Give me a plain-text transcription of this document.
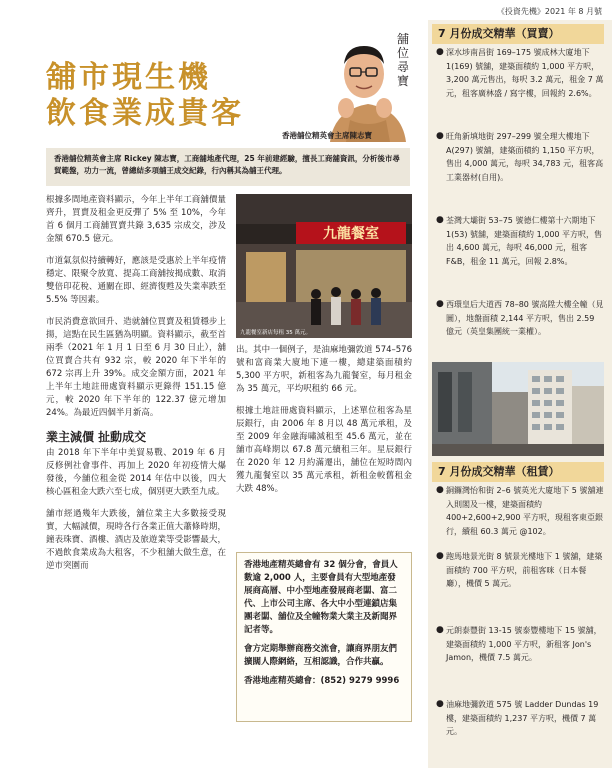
《投資先機》2021 年 8 月號
舖市現生機
飲食業成貴客
舖位尋寶
香港舖位精英會主席陳志寶
香港舖位精英會主席 Rickey 陳志寶，工商舖地產代理，25 年前建經驗，擅長工商舖資訊，分析後市尋貿範盤，功力一流，曾總結多項舖王成交紀錄，行內稱其為舖王代理。

根據多間地產資料顯示，今年上半年工商舖價量齊升，買賣及租金更反彈了 5% 至 10%，今年首 6 個月工商舖買賣共錄 3,635 宗成交，涉及金額 670.5 億元。

市道氣氛似持續轉好，應該是受惠於上半年疫情穩定、限聚令放寬、提高工商舖按揭成數、取消雙倍印花稅、通關在即、經濟復甦及失業率跌至 5.5% 等因素。

市民消費意欲回升、造就舖位買賣及租賃穩步上揚，這點在民生區猶為明顯。資料顯示，截至首兩季（2021 年 1 月 1 日至 6 月 30 日止），舖位買賣合共有 932 宗，較 2020 年下半年的 672 宗再上升 39%。成交金額方面，2021 年上半年土地註冊處資料顯示更錄得 151.15 億元，較 2020 年下半年的 122.37 億元增加 24%。為最近四個半月新高。

業主減價 扯動成交

由 2018 年下半年中美貿易戰、2019 年 6 月反修例社會事件、再加上 2020 年初疫情大爆發後，今舖位租金從 2014 年估中以後，四大核心區租金大跌六至七成，個別更大跌至九成。

舖市經過幾年大跌後，舖位業主大多數接受現實，大幅減價，現時各行各業正值大蕭條時期，鐘表珠寶、酒樓、酒店及旅遊業等受影響最大，不過飲食業成為大租客，不少租舖大做生意，在逆市突圍而

九龍餐室
九龍餐室新店每租 35 萬元。

出。其中一個例子，是油麻地彌敦道 574–576 號和富商業大廈地下連一樓，總建築面積約 5,300 平方呎，新租客為九龍餐室，每月租金為 35 萬元，平均呎租約 66 元。

根據土地註冊處資料顯示，上述單位租客為星辰銀行，由 2006 年 8 月以 48 萬元承租，及至 2009 年金融海嘯減租至 45.6 萬元，並在舖市高峰期以 67.8 萬元續租三年。星辰銀行在 2020 年 12 月約滿遷出，舖位在短時間內獲九龍餐室以 35 萬元承租，新租金較舊租金大跌 48%。

香港地產精英總會有 32 個分會，會員人數逾 2,000 人，主要會員有大型地產發展商高層、中小型地產發展商老闆、富二代、上市公司主席、各大中小型連鎖店集團老闆、舖位及全幢物業大業主及新聞界記者等。

會方定期舉辦商務交流會，讓商界朋友們擴闊人際網絡，互相認識，合作共贏。

香港地產精英總會：(852) 9279 9996

7 月份成交精華（買賣）
● 深水埗南昌街 169–175 號成林大廈地下 1(169) 號舖，建築面積約 1,000 平方呎，3,200 萬元售出，每呎 3.2 萬元，租金 7 萬元，租客廣林盛 / 寫字樓，回報約 2.6%。
● 旺角新填地街 297–299 號全理大樓地下 A(297) 號舖，建築面積約 1,150 平方呎，售出 4,000 萬元，每呎 34,783 元，租客高工業器材(自用)。
● 荃灣大壩街 53–75 號德仁樓第十六期地下 1(53) 號舖，建築面積約 1,000 平方呎，售出 4,600 萬元，每呎 46,000 元，租客 F&B，租金 11 萬元，回報 2.8%。
● 西環皇后大道西 78–80 號高陞大樓全幢（見圖），地盤面積 2,144 平方呎，售出 2.59 億元（英皇集團統一業權）。
7 月份成交精華（租賃）
● 銅鑼灣怡和街 2–6 號英光大廈地下 5 號舖連入則閣及一樓，建築面積約 400+2,600+2,900 平方呎，現租客東亞銀行，續租 60.3 萬元 @102。
● 跑馬地景光街 8 號景光樓地下 1 號舖，建築面積約 700 平方呎，前租客咪（日本餐廳），機價 5 萬元。
● 元朗泰豐街 13-15 號泰豐樓地下 15 號舖，建築面積約 1,000 平方呎，新租客 Jon's Jamon，機價 7.5 萬元。
● 油麻地彌敦道 575 號 Ladder Dundas 19 樓，建築面積約 1,237 平方呎，機價 7 萬元。
